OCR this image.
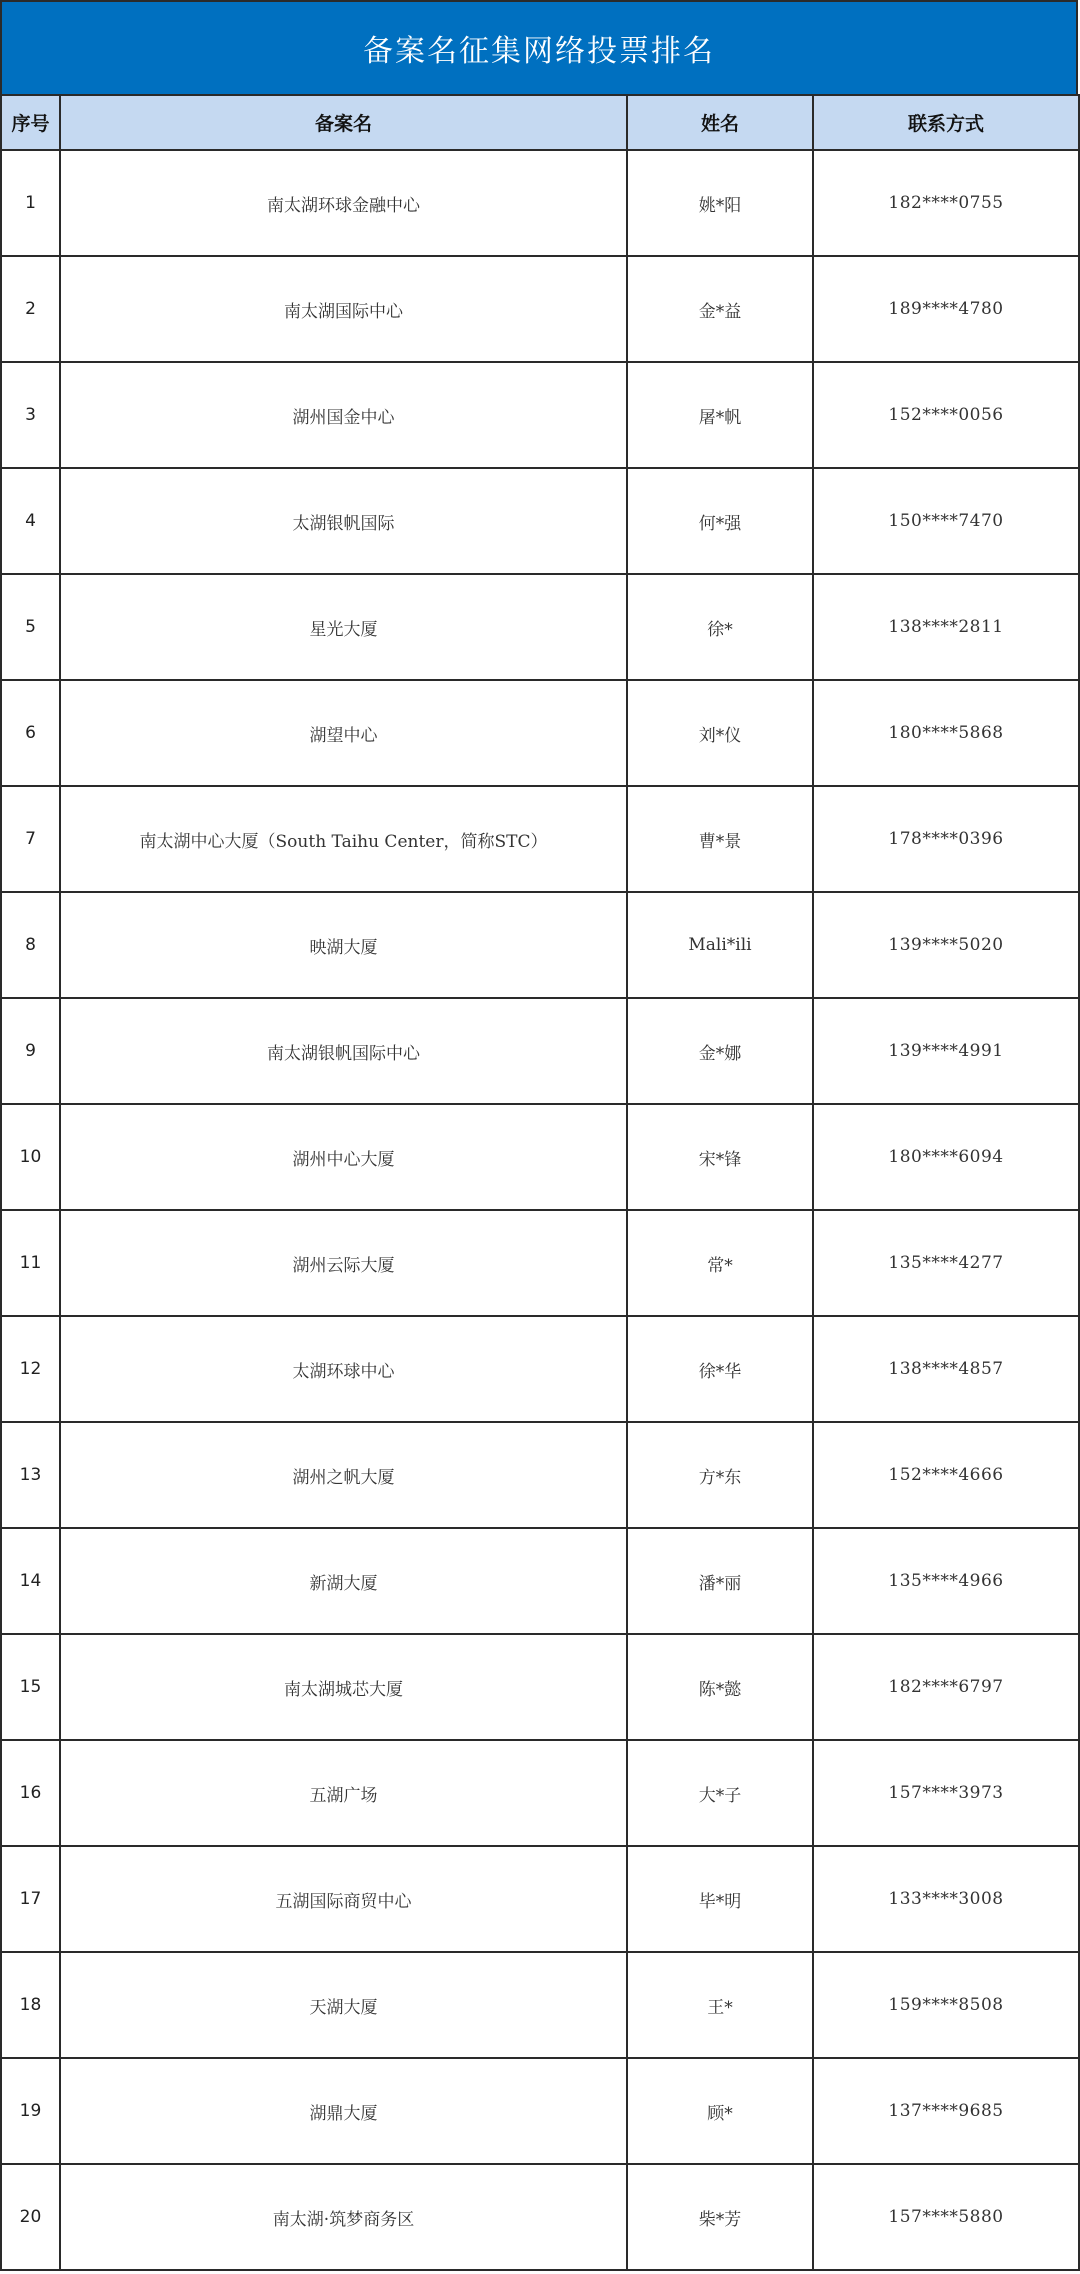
备案名征集网络投票排名
序号	备案名	姓名	联系方式
1	南太湖环球金融中心	姚*阳	182****0755
2	南太湖国际中心	金*益	189****4780
3	湖州国金中心	屠*帆	152****0056
4	太湖银帆国际	何*强	150****7470
5	星光大厦	徐*	138****2811
6	湖望中心	刘*仪	180****5868
7	南太湖中心大厦（South Taihu Center，简称STC）	曹*景	178****0396
8	映湖大厦	Mali*ili	139****5020
9	南太湖银帆国际中心	金*娜	139****4991
10	湖州中心大厦	宋*锋	180****6094
11	湖州云际大厦	常*	135****4277
12	太湖环球中心	徐*华	138****4857
13	湖州之帆大厦	方*东	152****4666
14	新湖大厦	潘*丽	135****4966
15	南太湖城芯大厦	陈*懿	182****6797
16	五湖广场	大*子	157****3973
17	五湖国际商贸中心	毕*明	133****3008
18	天湖大厦	王*	159****8508
19	湖鼎大厦	顾*	137****9685
20	南太湖·筑梦商务区	柴*芳	157****5880
